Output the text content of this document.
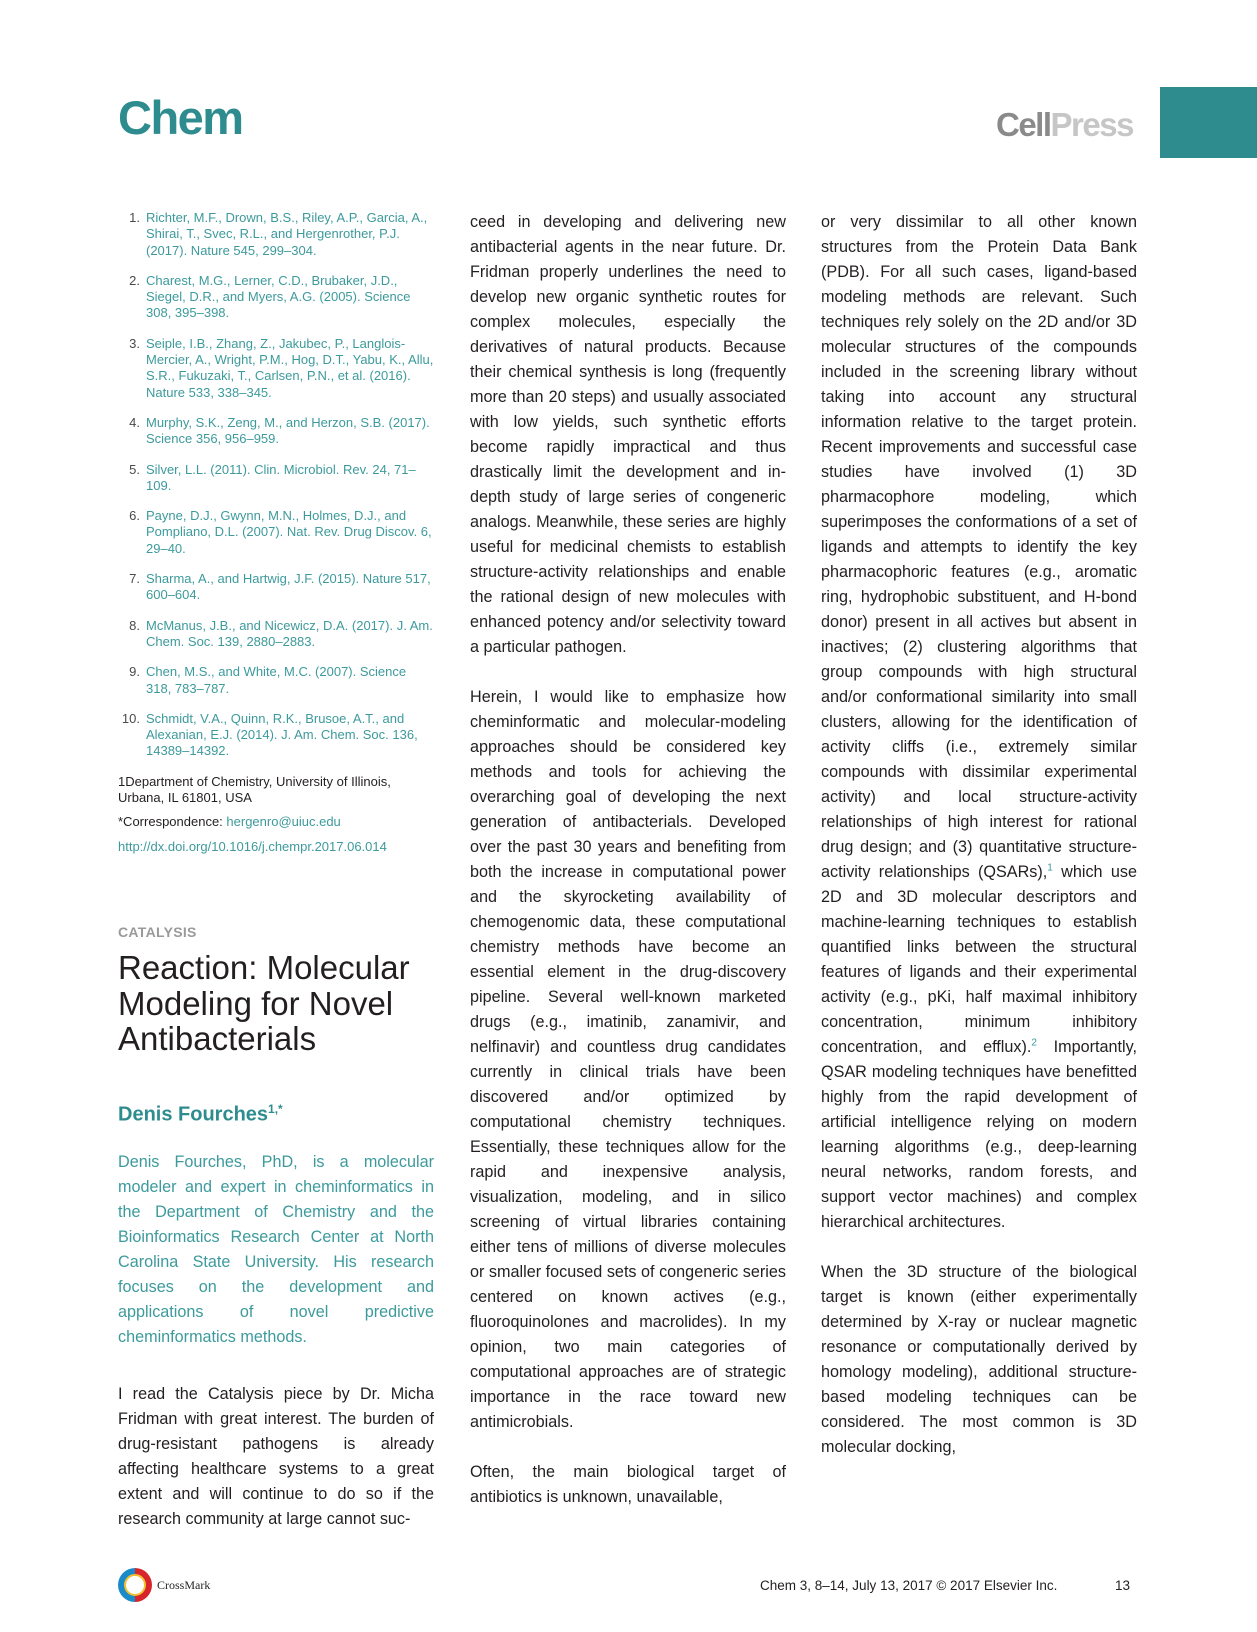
Chem	CellPress
1. Richter, M.F., Drown, B.S., Riley, A.P., Garcia, A., Shirai, T., Svec, R.L., and Hergenrother, P.J. (2017). Nature 545, 299–304.
2. Charest, M.G., Lerner, C.D., Brubaker, J.D., Siegel, D.R., and Myers, A.G. (2005). Science 308, 395–398.
3. Seiple, I.B., Zhang, Z., Jakubec, P., Langlois-Mercier, A., Wright, P.M., Hog, D.T., Yabu, K., Allu, S.R., Fukuzaki, T., Carlsen, P.N., et al. (2016). Nature 533, 338–345.
4. Murphy, S.K., Zeng, M., and Herzon, S.B. (2017). Science 356, 956–959.
5. Silver, L.L. (2011). Clin. Microbiol. Rev. 24, 71–109.
6. Payne, D.J., Gwynn, M.N., Holmes, D.J., and Pompliano, D.L. (2007). Nat. Rev. Drug Discov. 6, 29–40.
7. Sharma, A., and Hartwig, J.F. (2015). Nature 517, 600–604.
8. McManus, J.B., and Nicewicz, D.A. (2017). J. Am. Chem. Soc. 139, 2880–2883.
9. Chen, M.S., and White, M.C. (2007). Science 318, 783–787.
10. Schmidt, V.A., Quinn, R.K., Brusoe, A.T., and Alexanian, E.J. (2014). J. Am. Chem. Soc. 136, 14389–14392.

1Department of Chemistry, University of Illinois, Urbana, IL 61801, USA

*Correspondence: hergenro@uiuc.edu

http://dx.doi.org/10.1016/j.chempr.2017.06.014

CATALYSIS
Reaction: Molecular Modeling for Novel Antibacterials

Denis Fourches$^{1,*}$

Denis Fourches, PhD, is a molecular modeler and expert in cheminformatics in the Department of Chemistry and the Bioinformatics Research Center at North Carolina State University. His research focuses on the development and applications of novel predictive cheminformatics methods.

I read the Catalysis piece by Dr. Micha Fridman with great interest. The burden of drug-resistant pathogens is already affecting healthcare systems to a great extent and will continue to do so if the research community at large cannot suc-

ceed in developing and delivering new antibacterial agents in the near future. Dr. Fridman properly underlines the need to develop new organic synthetic routes for complex molecules, especially the derivatives of natural products. Because their chemical synthesis is long (frequently more than 20 steps) and usually associated with low yields, such synthetic efforts become rapidly impractical and thus drastically limit the development and in-depth study of large series of congeneric analogs. Meanwhile, these series are highly useful for medicinal chemists to establish structure-activity relationships and enable the rational design of new molecules with enhanced potency and/or selectivity toward a particular pathogen.

Herein, I would like to emphasize how cheminformatic and molecular-modeling approaches should be considered key methods and tools for achieving the overarching goal of developing the next generation of antibacterials. Developed over the past 30 years and benefiting from both the increase in computational power and the skyrocketing availability of chemogenomic data, these computational chemistry methods have become an essential element in the drug-discovery pipeline. Several well-known marketed drugs (e.g., imatinib, zanamivir, and nelfinavir) and countless drug candidates currently in clinical trials have been discovered and/or optimized by computational chemistry techniques. Essentially, these techniques allow for the rapid and inexpensive analysis, visualization, modeling, and in silico screening of virtual libraries containing either tens of millions of diverse molecules or smaller focused sets of congeneric series centered on known actives (e.g., fluoroquinolones and macrolides). In my opinion, two main categories of computational approaches are of strategic importance in the race toward new antimicrobials.

Often, the main biological target of antibiotics is unknown, unavailable,

or very dissimilar to all other known structures from the Protein Data Bank (PDB). For all such cases, ligand-based modeling methods are relevant. Such techniques rely solely on the 2D and/or 3D molecular structures of the compounds included in the screening library without taking into account any structural information relative to the target protein. Recent improvements and successful case studies have involved (1) 3D pharmacophore modeling, which superimposes the conformations of a set of ligands and attempts to identify the key pharmacophoric features (e.g., aromatic ring, hydrophobic substituent, and H-bond donor) present in all actives but absent in inactives; (2) clustering algorithms that group compounds with high structural and/or conformational similarity into small clusters, allowing for the identification of activity cliffs (i.e., extremely similar compounds with dissimilar experimental activity) and local structure-activity relationships of high interest for rational drug design; and (3) quantitative structure-activity relationships (QSARs),$^1$ which use 2D and 3D molecular descriptors and machine-learning techniques to establish quantified links between the structural features of ligands and their experimental activity (e.g., pKi, half maximal inhibitory concentration, minimum inhibitory concentration, and efflux).$^2$ Importantly, QSAR modeling techniques have benefitted highly from the rapid development of artificial intelligence relying on modern learning algorithms (e.g., deep-learning neural networks, random forests, and support vector machines) and complex hierarchical architectures.

When the 3D structure of the biological target is known (either experimentally determined by X-ray or nuclear magnetic resonance or computationally derived by homology modeling), additional structure-based modeling techniques can be considered. The most common is 3D molecular docking,

CrossMark	Chem 3, 8–14, July 13, 2017 © 2017 Elsevier Inc.	13
